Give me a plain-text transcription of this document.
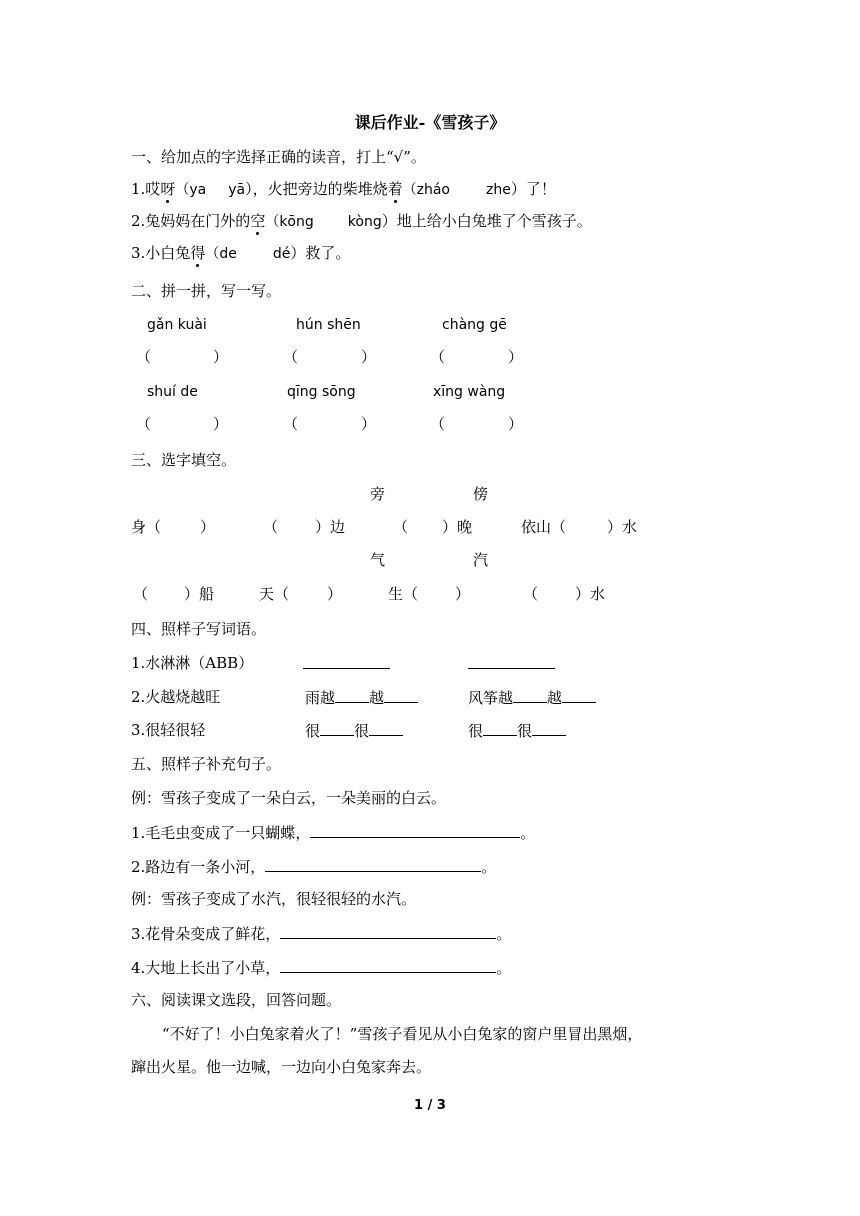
课后作业-《雪孩子》
一、给加点的字选择正确的读音，打上“√”。
1.哎呀（ya yā），火把旁边的柴堆烧着（zháo	zhe）了！
2.兔妈妈在门外的空（kōng kòng）地上给小白兔堆了个雪孩子。
3.小白兔得（de	dé）救了。
二、拼一拼，写一写。
gǎn kuài	hún shēn	chàng gē
（	）	（	）	（	）
shuí de	qīng sōng	xīng wàng
（	）	（	）	（	）
三、选字填空。
旁	傍
身（	）	（ ）边	（ ）晚	依山（	）水
气	汽
（ ）船	天（	）	生（ ）	（ ）水
四、照样子写词语。
1.水淋淋（ABB）
2.火越烧越旺	雨越 越	风筝越 越
3.很轻很轻	很 很	很 很
五、照样子补充句子。
例：雪孩子变成了一朵白云，一朵美丽的白云。
1.毛毛虫变成了一只蝴蝶，	。
2.路边有一条小河，	。
例：雪孩子变成了水汽，很轻很轻的水汽。
3.花骨朵变成了鲜花，	。
4.大地上长出了小草，	。
六、阅读课文选段，回答问题。
“不好了！小白兔家着火了！”雪孩子看见从小白兔家的窗户里冒出黑烟，
蹿出火星。他一边喊，一边向小白兔家奔去。
1 / 3
